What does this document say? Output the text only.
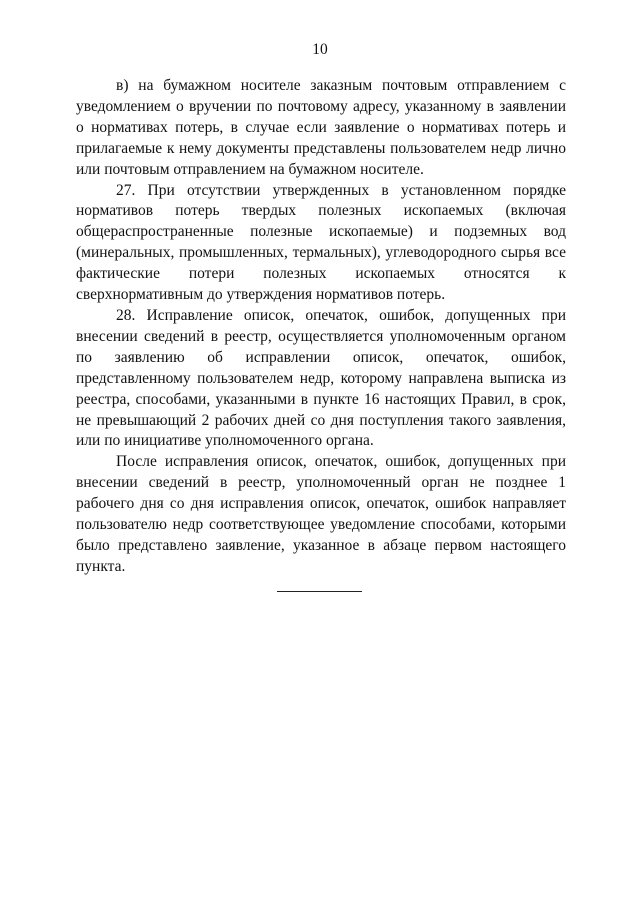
10

в) на бумажном носителе заказным почтовым отправлением с уведомлением о вручении по почтовому адресу, указанному в заявлении о нормативах потерь, в случае если заявление о нормативах потерь и прилагаемые к нему документы представлены пользователем недр лично или почтовым отправлением на бумажном носителе.

27. При отсутствии утвержденных в установленном порядке нормативов потерь твердых полезных ископаемых (включая общераспространенные полезные ископаемые) и подземных вод (минеральных, промышленных, термальных), углеводородного сырья все фактические потери полезных ископаемых относятся к сверхнормативным до утверждения нормативов потерь.

28. Исправление описок, опечаток, ошибок, допущенных при внесении сведений в реестр, осуществляется уполномоченным органом по заявлению об исправлении описок, опечаток, ошибок, представленному пользователем недр, которому направлена выписка из реестра, способами, указанными в пункте 16 настоящих Правил, в срок, не превышающий 2 рабочих дней со дня поступления такого заявления, или по инициативе уполномоченного органа.

После исправления описок, опечаток, ошибок, допущенных при внесении сведений в реестр, уполномоченный орган не позднее 1 рабочего дня со дня исправления описок, опечаток, ошибок направляет пользователю недр соответствующее уведомление способами, которыми было представлено заявление, указанное в абзаце первом настоящего пункта.
